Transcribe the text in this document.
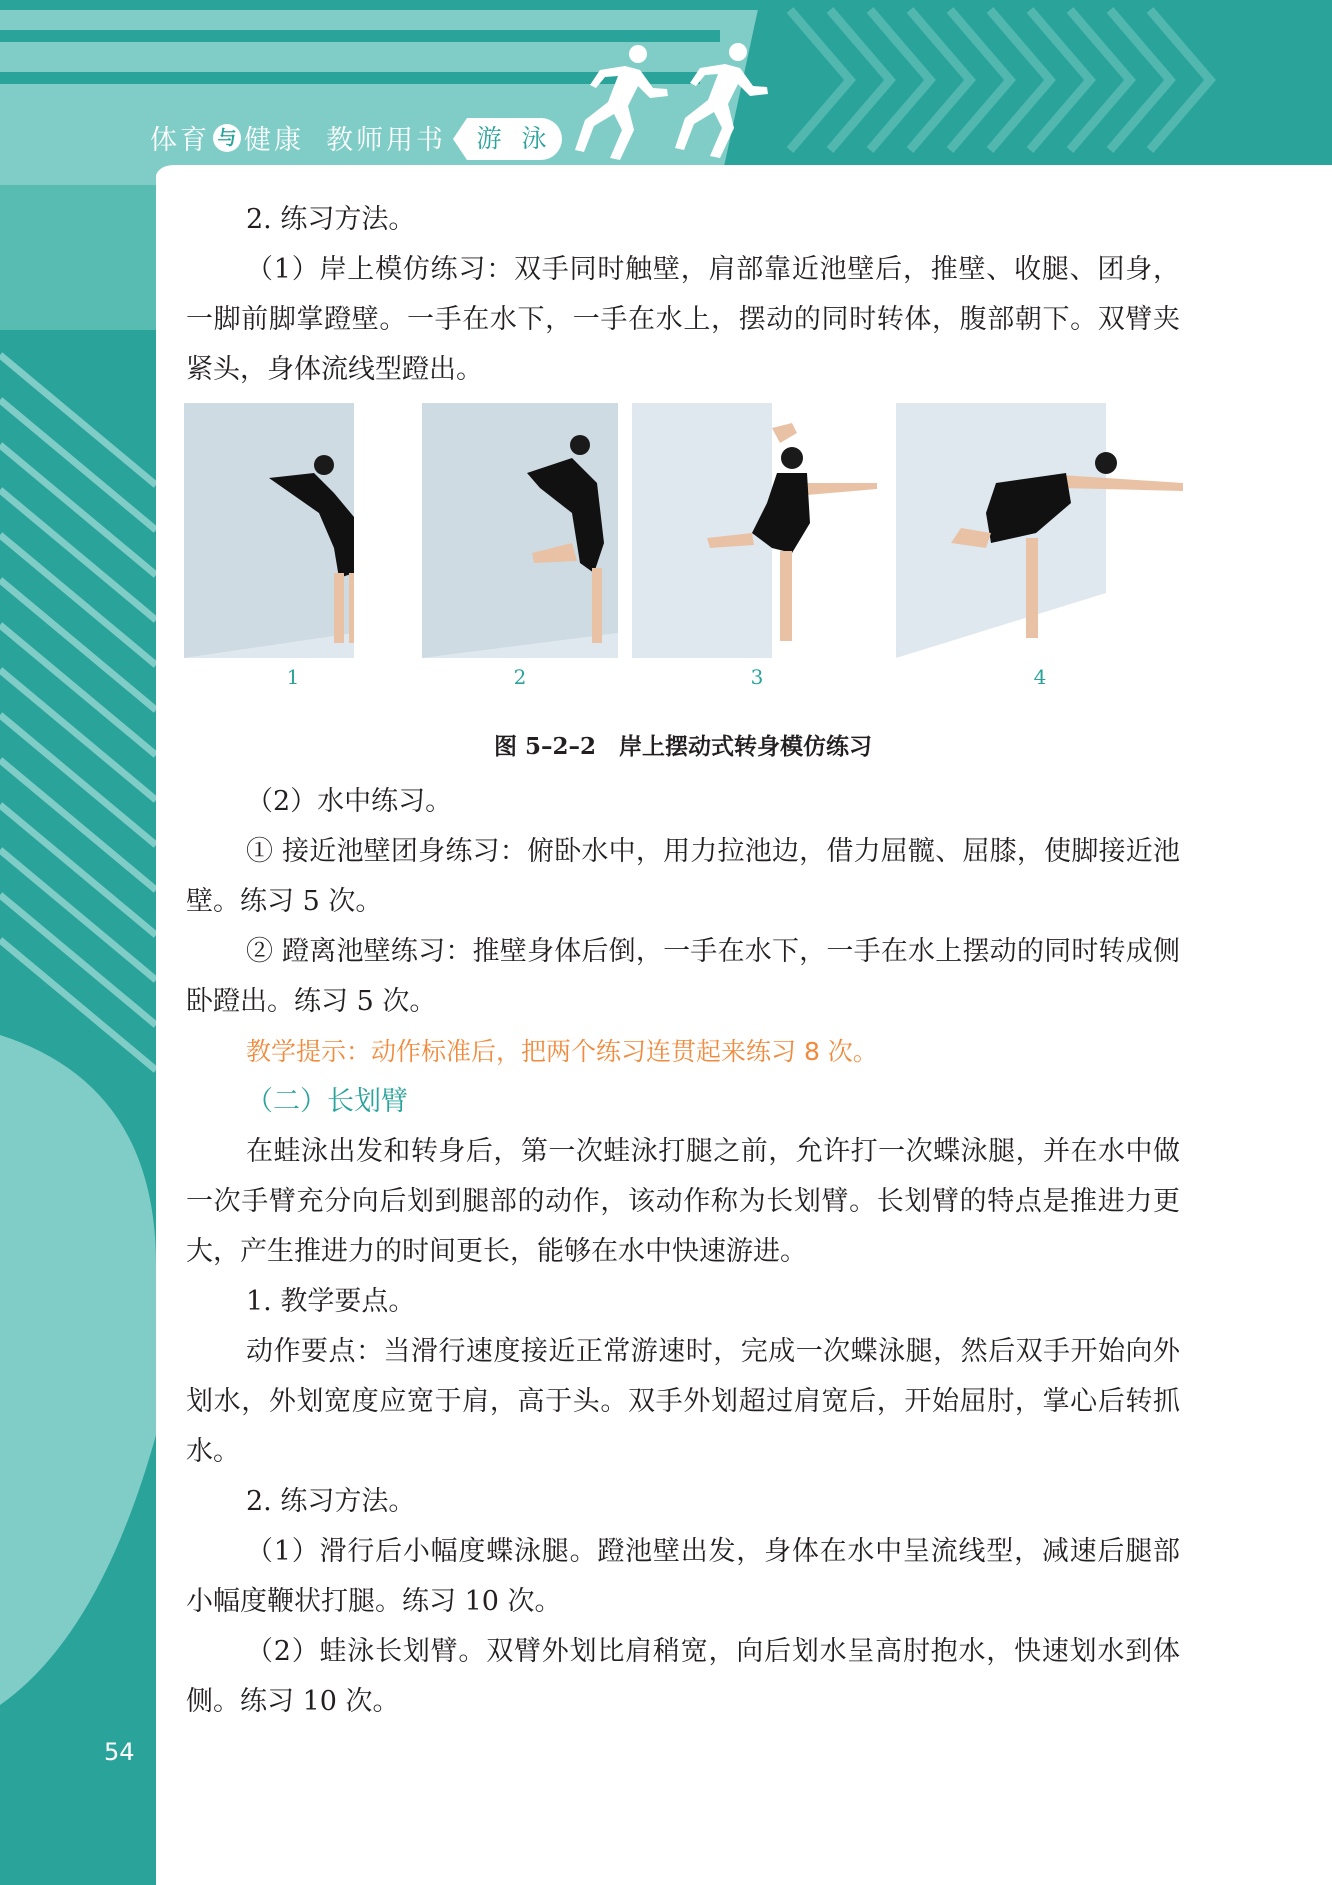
体育 与 健康 教师用书	游 泳

2. 练习方法。

（1）岸上模仿练习：双手同时触壁，肩部靠近池壁后，推壁、收腿、团身，一脚前脚掌蹬壁。一手在水下，一手在水上，摆动的同时转体，腹部朝下。双臂夹紧头，身体流线型蹬出。

1	2	3	4

图 5–2–2　岸上摆动式转身模仿练习

（2）水中练习。

① 接近池壁团身练习：俯卧水中，用力拉池边，借力屈髋、屈膝，使脚接近池壁。练习 5 次。

② 蹬离池壁练习：推壁身体后倒，一手在水下，一手在水上摆动的同时转成侧卧蹬出。练习 5 次。

教学提示：动作标准后，把两个练习连贯起来练习 8 次。

（二）长划臂

在蛙泳出发和转身后，第一次蛙泳打腿之前，允许打一次蝶泳腿，并在水中做一次手臂充分向后划到腿部的动作，该动作称为长划臂。长划臂的特点是推进力更大，产生推进力的时间更长，能够在水中快速游进。

1. 教学要点。

动作要点：当滑行速度接近正常游速时，完成一次蝶泳腿，然后双手开始向外划水，外划宽度应宽于肩，高于头。双手外划超过肩宽后，开始屈肘，掌心后转抓水。

2. 练习方法。

（1）滑行后小幅度蝶泳腿。蹬池壁出发，身体在水中呈流线型，减速后腿部小幅度鞭状打腿。练习 10 次。

（2）蛙泳长划臂。双臂外划比肩稍宽，向后划水呈高肘抱水，快速划水到体侧。练习 10 次。

54
